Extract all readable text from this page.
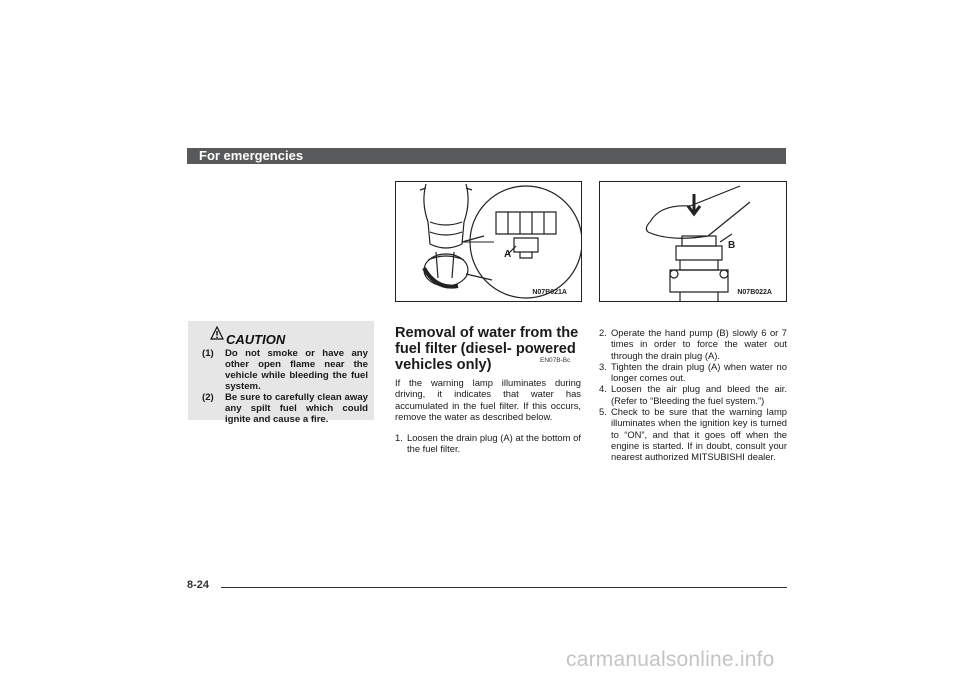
For emergencies
A
N07B021A
B
N07B022A
CAUTION
(1) Do not smoke or have any other open flame near the vehicle while bleeding the fuel system.
(2) Be sure to carefully clean away any spilt fuel which could ignite and cause a fire.
Removal of water from the fuel filter (diesel- powered vehicles only)	EN07B-Bc
If the warning lamp illuminates during driving, it indicates that water has accumulated in the fuel filter. If this occurs, remove the water as described below.
1. Loosen the drain plug (A) at the bottom of the fuel filter.
2. Operate the hand pump (B) slowly 6 or 7 times in order to force the water out through the drain plug (A).
3. Tighten the drain plug (A) when water no longer comes out.
4. Loosen the air plug and bleed the air. (Refer to “Bleeding the fuel system.”)
5. Check to be sure that the warning lamp illuminates when the ignition key is turned to “ON”, and that it goes off when the engine is started. If in doubt, consult your nearest authorized MITSUBISHI dealer.
8-24
carmanualsonline.info
